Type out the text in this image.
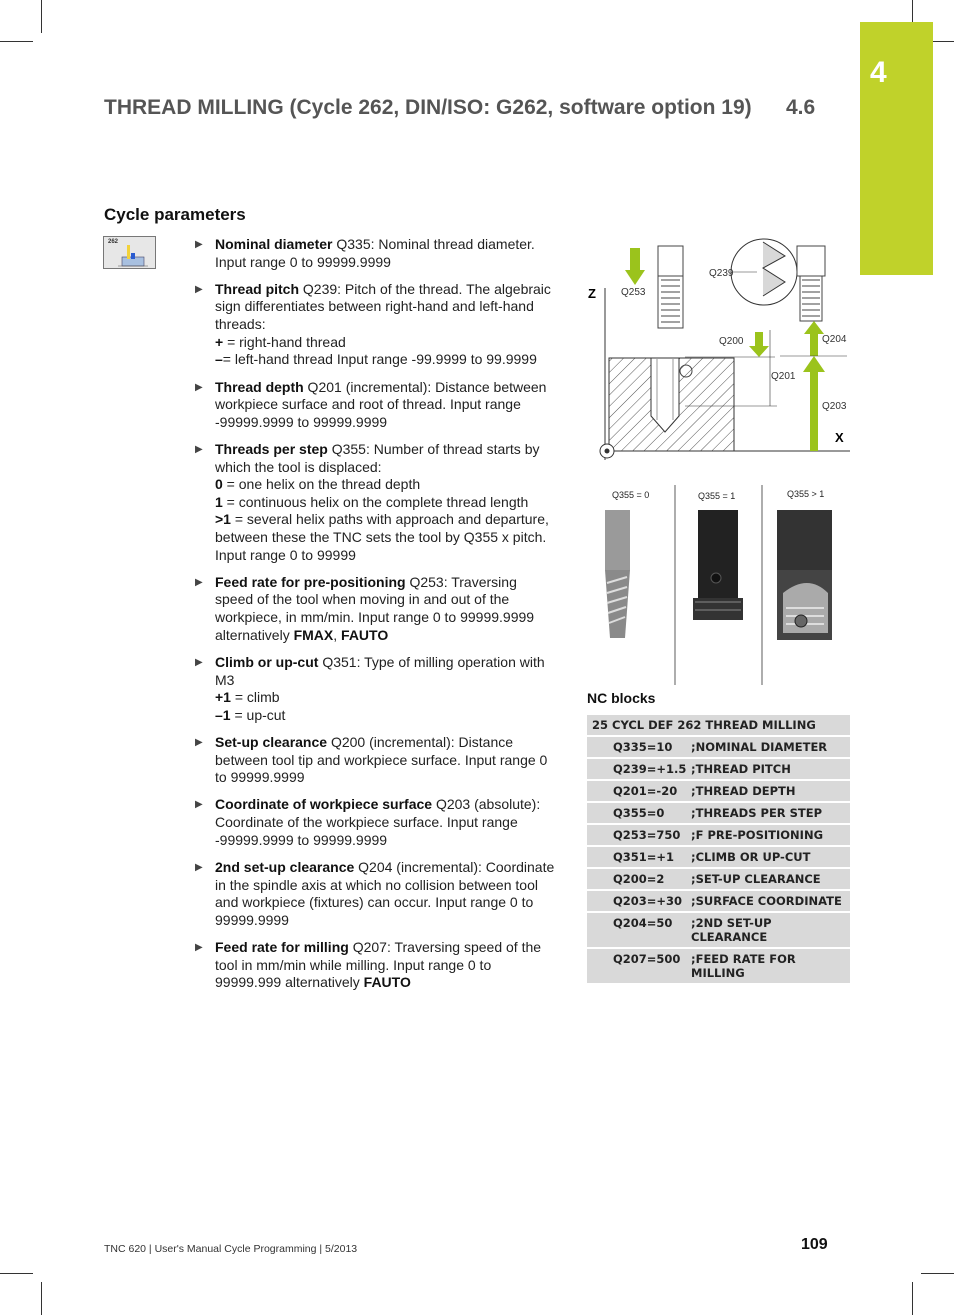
4
THREAD MILLING (Cycle 262, DIN/ISO: G262, software option 19) 4.6
Cycle parameters
262	▶ Nominal diameter Q335: Nominal thread diameter. Input range 0 to 99999.9999
▶ Thread pitch Q239: Pitch of the thread. The algebraic sign differentiates between right-hand and left-hand threads:
+ = right-hand thread
–= left-hand thread Input range -99.9999 to 99.9999
▶ Thread depth Q201 (incremental): Distance between workpiece surface and root of thread. Input range -99999.9999 to 99999.9999
▶ Threads per step Q355: Number of thread starts by which the tool is displaced:
0 = one helix on the thread depth
1 = continuous helix on the complete thread length
>1 = several helix paths with approach and departure, between these the TNC sets the tool by Q355 x pitch. Input range 0 to 99999
▶ Feed rate for pre-positioning Q253: Traversing speed of the tool when moving in and out of the workpiece, in mm/min. Input range 0 to 99999.9999 alternatively FMAX, FAUTO
▶ Climb or up-cut Q351: Type of milling operation with M3
+1 = climb
–1 = up-cut
▶ Set-up clearance Q200 (incremental): Distance between tool tip and workpiece surface. Input range 0 to 99999.9999
▶ Coordinate of workpiece surface Q203 (absolute): Coordinate of the workpiece surface. Input range -99999.9999 to 99999.9999
▶ 2nd set-up clearance Q204 (incremental): Coordinate in the spindle axis at which no collision between tool and workpiece (fixtures) can occur. Input range 0 to 99999.9999
▶ Feed rate for milling Q207: Traversing speed of the tool in mm/min while milling. Input range 0 to 99999.999 alternatively FAUTO
Z
X
Q253
Q239
Q200
Q201
Q204
Q203
Q355 = 0	Q355 = 1	Q355 > 1
NC blocks
25 CYCL DEF 262 THREAD MILLING	
Q335=10	;NOMINAL DIAMETER
Q239=+1.5	;THREAD PITCH
Q201=-20	;THREAD DEPTH
Q355=0	;THREADS PER STEP
Q253=750	;F PRE-POSITIONING
Q351=+1	;CLIMB OR UP-CUT
Q200=2	;SET-UP CLEARANCE
Q203=+30	;SURFACE COORDINATE
Q204=50	;2ND SET-UP CLEARANCE
Q207=500	;FEED RATE FOR MILLING
TNC 620 | User's Manual Cycle Programming | 5/2013	109
